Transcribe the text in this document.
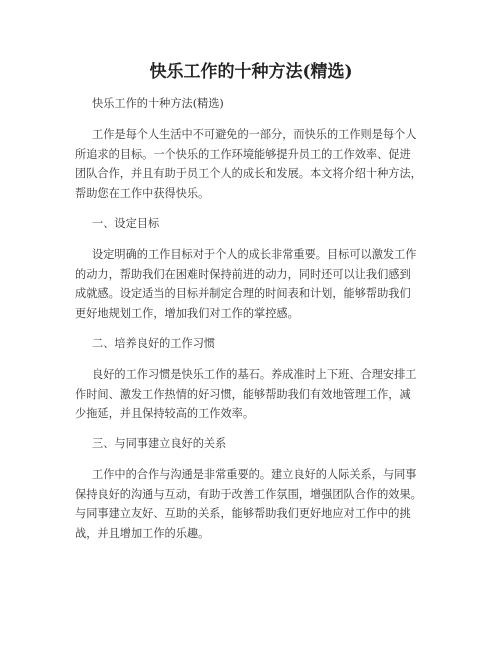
快乐工作的十种方法(精选)
快乐工作的十种方法(精选)
工作是每个人生活中不可避免的一部分，而快乐的工作则是每个人
所追求的目标。一个快乐的工作环境能够提升员工的工作效率、促进
团队合作，并且有助于员工个人的成长和发展。本文将介绍十种方法，
帮助您在工作中获得快乐。
一、设定目标
设定明确的工作目标对于个人的成长非常重要。目标可以激发工作
的动力，帮助我们在困难时保持前进的动力，同时还可以让我们感到
成就感。设定适当的目标并制定合理的时间表和计划，能够帮助我们
更好地规划工作，增加我们对工作的掌控感。
二、培养良好的工作习惯
良好的工作习惯是快乐工作的基石。养成准时上下班、合理安排工
作时间、激发工作热情的好习惯，能够帮助我们有效地管理工作，减
少拖延，并且保持较高的工作效率。
三、与同事建立良好的关系
工作中的合作与沟通是非常重要的。建立良好的人际关系，与同事
保持良好的沟通与互动，有助于改善工作氛围，增强团队合作的效果。
与同事建立友好、互助的关系，能够帮助我们更好地应对工作中的挑
战，并且增加工作的乐趣。
